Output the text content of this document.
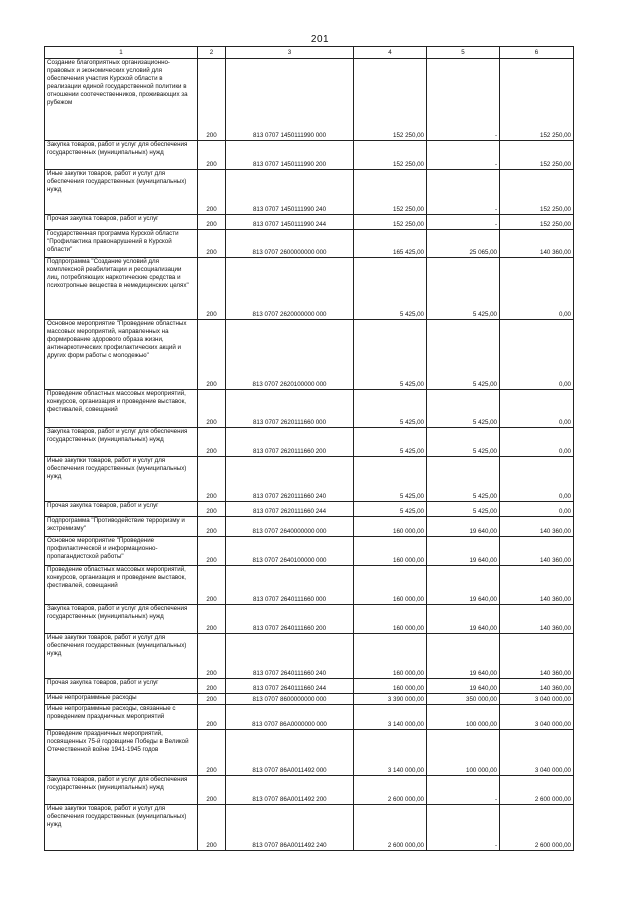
201
1	2	3	4	5	6
Создание благоприятных организационно-правовых и экономических условий для обеспечения участия Курской области в реализации единой государственной политики в отношении соотечественников, проживающих за рубежом	200	813 0707 1450111990 000	152 250,00	-	152 250,00
Закупка товаров, работ и услуг для обеспечения государственных (муниципальных) нужд	200	813 0707 1450111990 200	152 250,00	-	152 250,00
Иные закупки товаров, работ и услуг для обеспечения государственных (муниципальных) нужд	200	813 0707 1450111990 240	152 250,00	-	152 250,00
Прочая закупка товаров, работ и услуг	200	813 0707 1450111990 244	152 250,00	-	152 250,00
Государственная программа Курской области "Профилактика правонарушений в Курской области"	200	813 0707 2600000000 000	165 425,00	25 065,00	140 360,00
Подпрограмма "Создание условий для комплексной реабилитации и ресоциализации лиц, потребляющих наркотические средства и психотропные вещества в немедицинских целях"	200	813 0707 2620000000 000	5 425,00	5 425,00	0,00
Основное мероприятие "Проведение областных массовых мероприятий, направленных на формирование здорового образа жизни, антинаркотических профилактических акций и других форм работы с молодежью"	200	813 0707 2620100000 000	5 425,00	5 425,00	0,00
Проведение областных массовых мероприятий, конкурсов, организация и проведение выставок, фестивалей, совещаний	200	813 0707 2620111660 000	5 425,00	5 425,00	0,00
Закупка товаров, работ и услуг для обеспечения государственных (муниципальных) нужд	200	813 0707 2620111660 200	5 425,00	5 425,00	0,00
Иные закупки товаров, работ и услуг для обеспечения государственных (муниципальных) нужд	200	813 0707 2620111660 240	5 425,00	5 425,00	0,00
Прочая закупка товаров, работ и услуг	200	813 0707 2620111660 244	5 425,00	5 425,00	0,00
Подпрограмма "Противодействие терроризму и экстремизму"	200	813 0707 2640000000 000	160 000,00	19 640,00	140 360,00
Основное мероприятие "Проведение профилактической и информационно-пропагандистской работы"	200	813 0707 2640100000 000	160 000,00	19 640,00	140 360,00
Проведение областных массовых мероприятий, конкурсов, организация и проведение выставок, фестивалей, совещаний	200	813 0707 2640111660 000	160 000,00	19 640,00	140 360,00
Закупка товаров, работ и услуг для обеспечения государственных (муниципальных) нужд	200	813 0707 2640111660 200	160 000,00	19 640,00	140 360,00
Иные закупки товаров, работ и услуг для обеспечения государственных (муниципальных) нужд	200	813 0707 2640111660 240	160 000,00	19 640,00	140 360,00
Прочая закупка товаров, работ и услуг	200	813 0707 2640111660 244	160 000,00	19 640,00	140 360,00
Иные непрограммные расходы	200	813 0707 8600000000 000	3 390 000,00	350 000,00	3 040 000,00
Иные непрограммные расходы, связанные с проведением праздничных мероприятий	200	813 0707 86А0000000 000	3 140 000,00	100 000,00	3 040 000,00
Проведение праздничных мероприятий, посвященных 75-й годовщине Победы в Великой Отечественной войне 1941-1945 годов	200	813 0707 86А0011492 000	3 140 000,00	100 000,00	3 040 000,00
Закупка товаров, работ и услуг для обеспечения государственных (муниципальных) нужд	200	813 0707 86А0011492 200	2 600 000,00	-	2 600 000,00
Иные закупки товаров, работ и услуг для обеспечения государственных (муниципальных) нужд	200	813 0707 86А0011492 240	2 600 000,00	-	2 600 000,00
